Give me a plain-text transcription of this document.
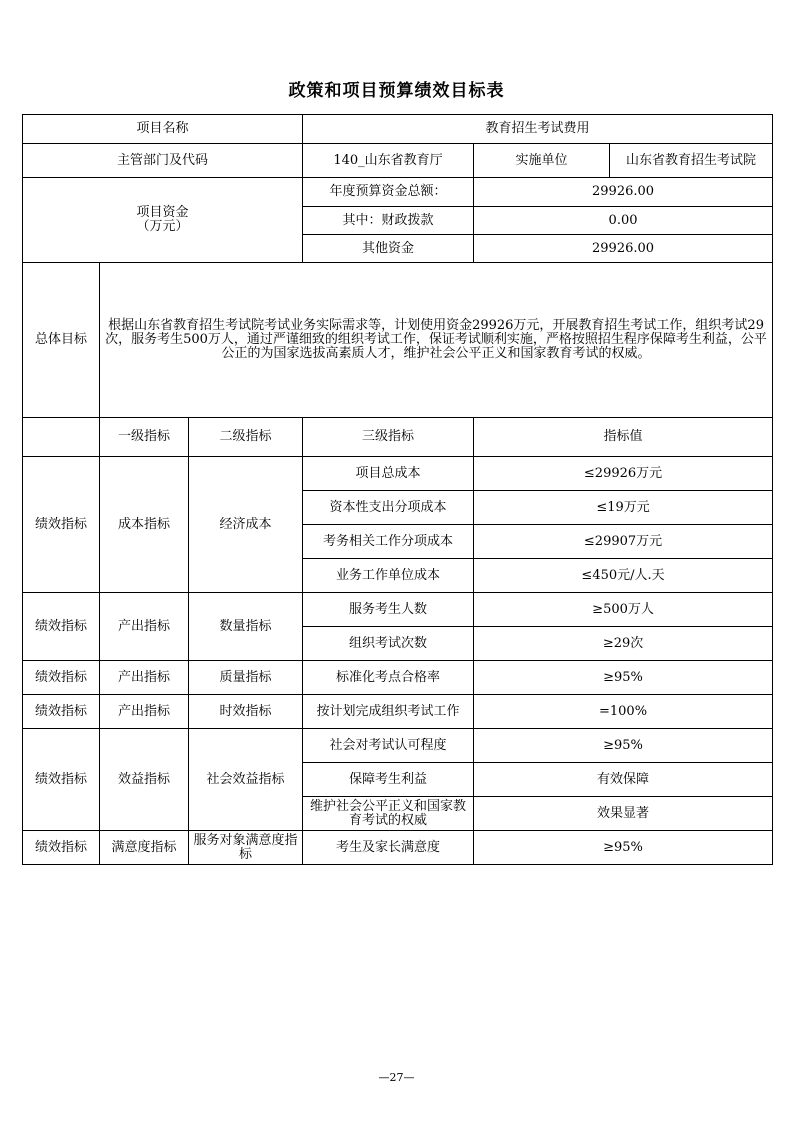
政策和项目预算绩效目标表
项目名称			教育招生考试费用		
主管部门及代码			140_山东省教育厅	实施单位	山东省教育招生考试院

项目资金
（万元）			年度预算资金总额：	29926.00	
			其中：财政拨款	0.00	
			其他资金	29926.00	
总体目标	根据山东省教育招生考试院考试业务实际需求等，计划使用资金29926万元，开展教育招生考试工作，组织考试29次，服务考生500万人，通过严谨细致的组织考试工作，保证考试顺利实施，严格按照招生程序保障考生利益，公平公正的为国家选拔高素质人才，维护社会公平正义和国家教育考试的权威。				
	一级指标	二级指标	三级指标	指标值	
绩效指标	成本指标	经济成本	项目总成本	≤29926万元	
			资本性支出分项成本	≤19万元	
			考务相关工作分项成本	≤29907万元	
			业务工作单位成本	≤450元/人.天	
绩效指标	产出指标	数量指标	服务考生人数	≥500万人	
			组织考试次数	≥29次	
绩效指标	产出指标	质量指标	标准化考点合格率	≥95%	
绩效指标	产出指标	时效指标	按计划完成组织考试工作	=100%	
绩效指标	效益指标	社会效益指标	社会对考试认可程度	≥95%	
			保障考生利益	有效保障	
			维护社会公平正义和国家教育考试的权威	效果显著	
绩效指标	满意度指标	服务对象满意度指标	考生及家长满意度	≥95%	
—27—
